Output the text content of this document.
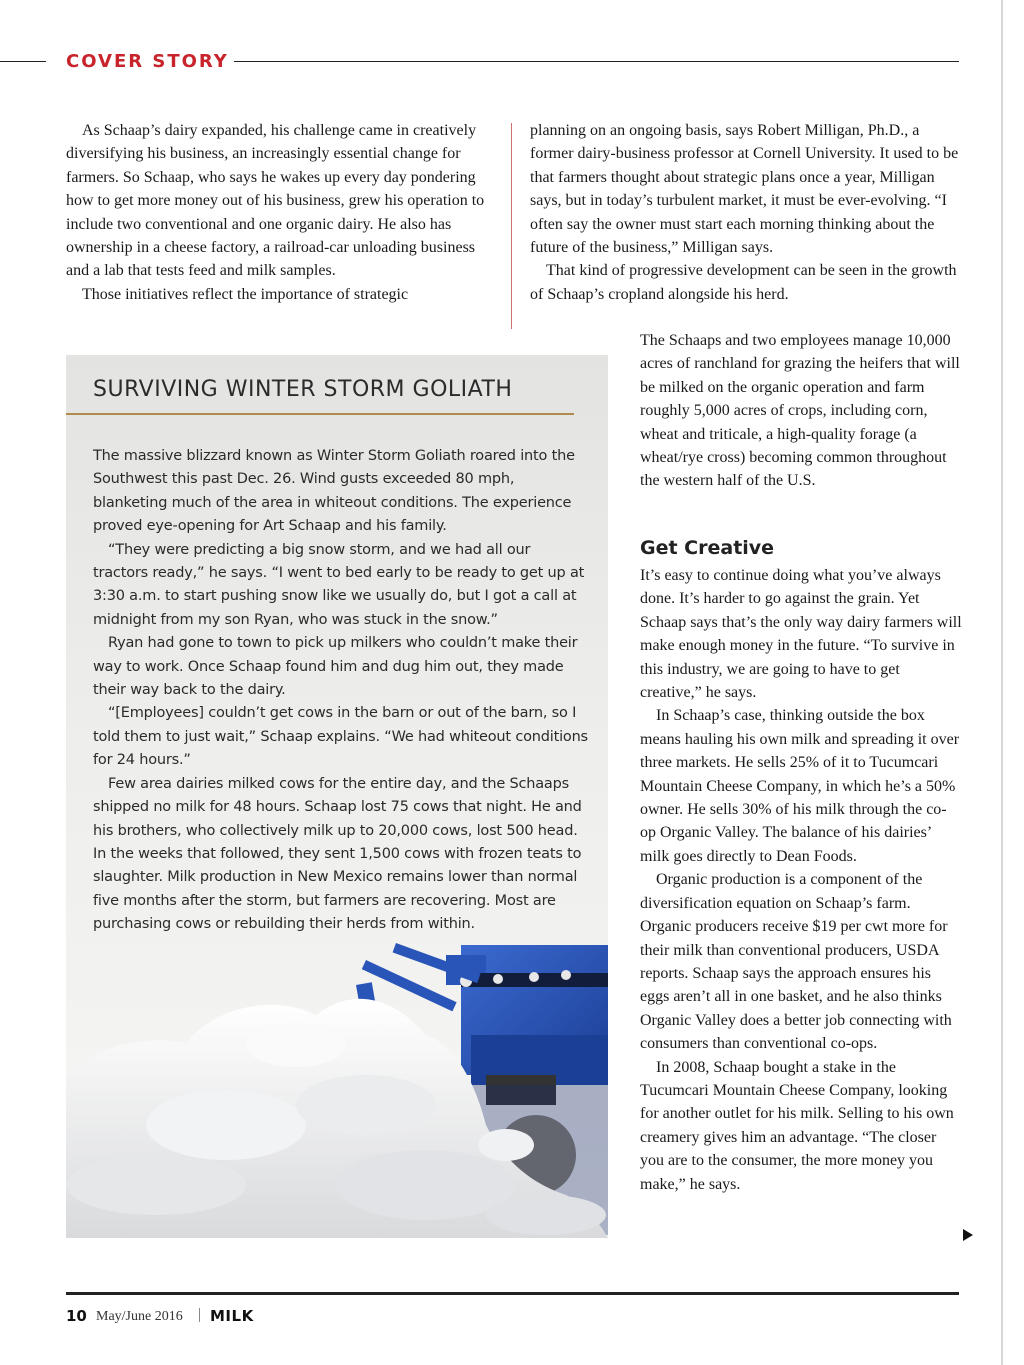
COVER STORY

As Schaap’s dairy expanded, his challenge came in creatively diversifying his business, an increasingly essential change for farmers. So Schaap, who says he wakes up every day pondering how to get more money out of his business, grew his operation to include two conventional and one organic dairy. He also has ownership in a cheese factory, a railroad-car unloading business and a lab that tests feed and milk samples.

Those initiatives reflect the importance of strategic

planning on an ongoing basis, says Robert Milligan, Ph.D., a former dairy-business professor at Cornell University. It used to be that farmers thought about strategic plans once a year, Milligan says, but in today’s turbulent market, it must be ever-evolving. “I often say the owner must start each morning thinking about the future of the business,” Milligan says.

That kind of progressive development can be seen in the growth of Schaap’s cropland alongside his herd.

The Schaaps and two employees manage 10,000 acres of ranchland for grazing the heifers that will be milked on the organic operation and farm roughly 5,000 acres of crops, including corn, wheat and triticale, a high-quality forage (a wheat/rye cross) becoming common throughout the western half of the U.S.

SURVIVING WINTER STORM GOLIATH

The massive blizzard known as Winter Storm Goliath roared into the Southwest this past Dec. 26. Wind gusts exceeded 80 mph, blanketing much of the area in whiteout conditions. The experience proved eye-opening for Art Schaap and his family.

“They were predicting a big snow storm, and we had all our tractors ready,” he says. “I went to bed early to be ready to get up at 3:30 a.m. to start pushing snow like we usually do, but I got a call at midnight from my son Ryan, who was stuck in the snow.”

Ryan had gone to town to pick up milkers who couldn’t make their way to work. Once Schaap found him and dug him out, they made their way back to the dairy.

“[Employees] couldn’t get cows in the barn or out of the barn, so I told them to just wait,” Schaap explains. “We had whiteout conditions for 24 hours.”

Few area dairies milked cows for the entire day, and the Schaaps shipped no milk for 48 hours. Schaap lost 75 cows that night. He and his brothers, who collectively milk up to 20,000 cows, lost 500 head. In the weeks that followed, they sent 1,500 cows with frozen teats to slaughter. Milk production in New Mexico remains lower than normal five months after the storm, but farmers are recovering. Most are purchasing cows or rebuilding their herds from within.

Get Creative

It’s easy to continue doing what you’ve always done. It’s harder to go against the grain. Yet Schaap says that’s the only way dairy farmers will make enough money in the future. “To survive in this industry, we are going to have to get creative,” he says.

In Schaap’s case, thinking outside the box means hauling his own milk and spreading it over three markets. He sells 25% of it to Tucumcari Mountain Cheese Company, in which he’s a 50% owner. He sells 30% of his milk through the co-op Organic Valley. The balance of his dairies’ milk goes directly to Dean Foods.

Organic production is a component of the diversification equation on Schaap’s farm. Organic producers receive $19 per cwt more for their milk than conventional producers, USDA reports. Schaap says the approach ensures his eggs aren’t all in one basket, and he also thinks Organic Valley does a better job connecting with consumers than conventional co-ops.

In 2008, Schaap bought a stake in the Tucumcari Mountain Cheese Company, looking for another outlet for his milk. Selling to his own creamery gives him an advantage. “The closer you are to the consumer, the more money you make,” he says.

10 May/June 2016 MILK
